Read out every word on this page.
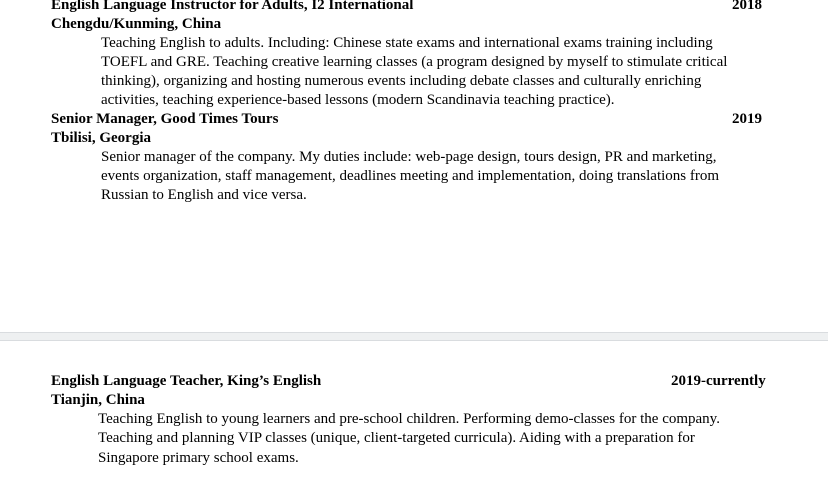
English Language Instructor for Adults, I2 International	2018
Chengdu/Kunming, China
Teaching English to adults. Including: Chinese state exams and international exams training including TOEFL and GRE. Teaching creative learning classes (a program designed by myself to stimulate critical thinking), organizing and hosting numerous events including debate classes and culturally enriching activities, teaching experience-based lessons (modern Scandinavia teaching practice).
Senior Manager, Good Times Tours	2019
Tbilisi, Georgia
Senior manager of the company. My duties include: web-page design, tours design, PR and marketing, events organization, staff management, deadlines meeting and implementation, doing translations from Russian to English and vice versa.
English Language Teacher, King’s English	2019-currently
Tianjin, China
Teaching English to young learners and pre-school children. Performing demo-classes for the company. Teaching and planning VIP classes (unique, client-targeted curricula). Aiding with a preparation for Singapore primary school exams.
